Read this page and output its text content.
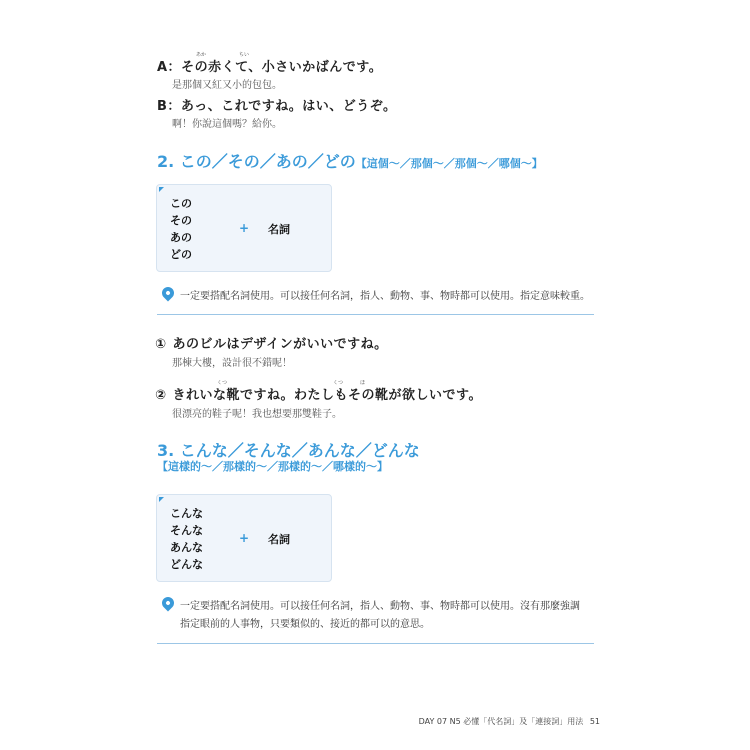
A：その赤くて、小さいかばんです。
あか	ちい
是那個又紅又小的包包。
B：あっ、これですね。はい、どうぞ。
啊！你說這個嗎？給你。
2. この／その／あの／どの【這個～／那個～／那個～／哪個～】
この
その
あの
どの
+ 名詞
一定要搭配名詞使用。可以接任何名詞，指人、動物、事、物時都可以使用。指定意味較重。
① あのビルはデザインがいいですね。
那棟大樓，設計很不錯呢！
② きれいな靴ですね。わたしもその靴が欲しいです。
くつ	くつ	ほ
很漂亮的鞋子呢！我也想要那雙鞋子。
3. こんな／そんな／あんな／どんな
【這樣的～／那樣的～／那樣的～／哪樣的～】
こんな
そんな
あんな
どんな
+ 名詞
一定要搭配名詞使用。可以接任何名詞，指人、動物、事、物時都可以使用。沒有那麼強調
指定眼前的人事物，只要類似的、接近的都可以的意思。
DAY 07 N5 必懂「代名詞」及「連接詞」用法 51
